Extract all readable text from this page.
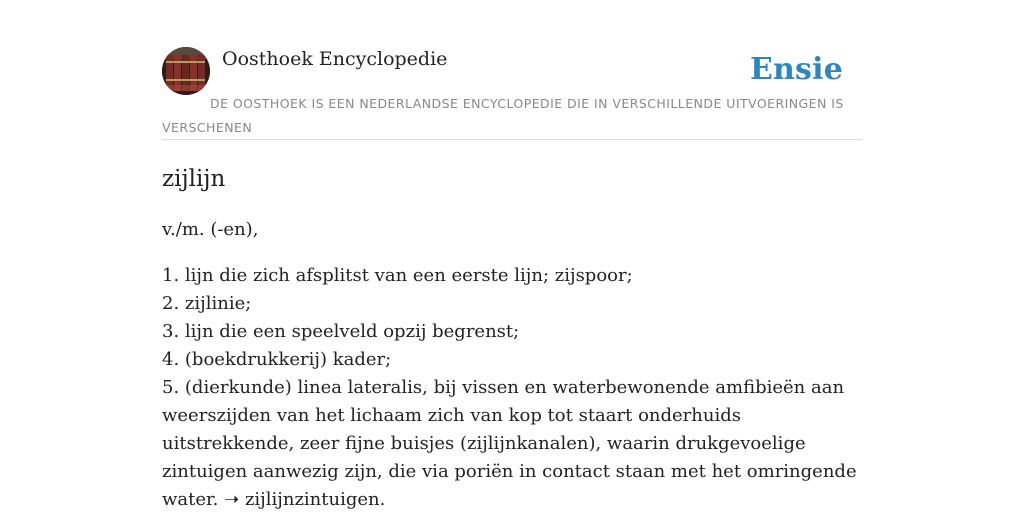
Oosthoek Encyclopedie	Ensie
DE OOSTHOEK IS EEN NEDERLANDSE ENCYCLOPEDIE DIE IN VERSCHILLENDE UITVOERINGEN IS VERSCHENEN
zijlijn

v./m. (-en),

1. lijn die zich afsplitst van een eerste lijn; zijspoor;
2. zijlinie;
3. lijn die een speelveld opzij begrenst;
4. (boekdrukkerij) kader;
5. (dierkunde) linea lateralis, bij vissen en waterbewonende amfibieën aan weerszijden van het lichaam zich van kop tot staart onderhuids uitstrekkende, zeer fijne buisjes (zijlijnkanalen), waarin drukgevoelige zintuigen aanwezig zijn, die via poriën in contact staan met het omringende water. ➝ zijlijnzintuigen.
